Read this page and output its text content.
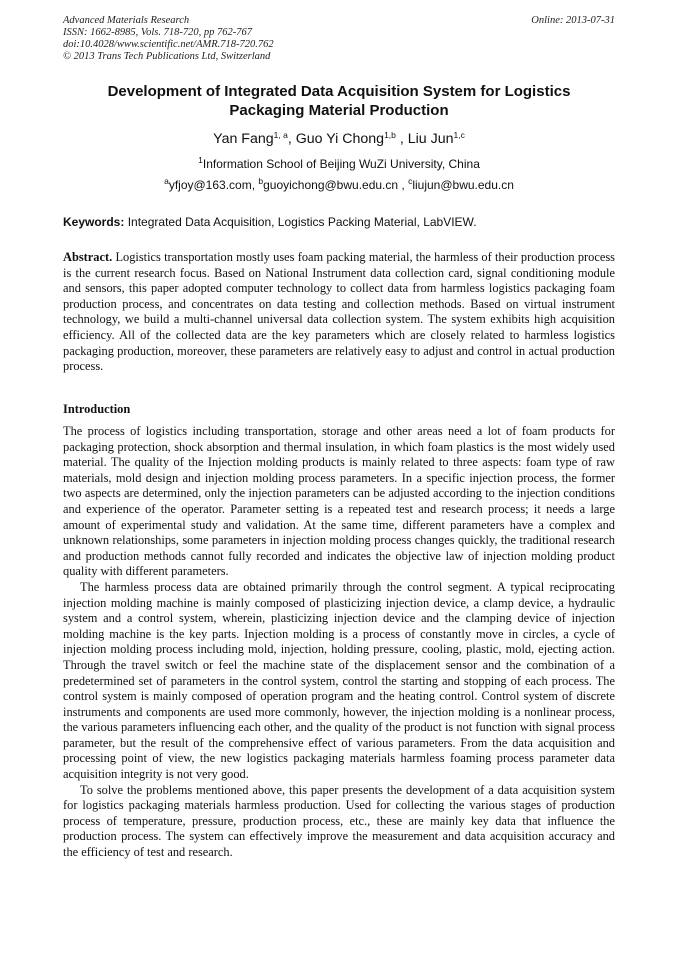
Advanced Materials Research
ISSN: 1662-8985, Vols. 718-720, pp 762-767
doi:10.4028/www.scientific.net/AMR.718-720.762
© 2013 Trans Tech Publications Ltd, Switzerland
Online: 2013-07-31
Development of Integrated Data Acquisition System for Logistics
Packaging Material Production
Yan Fang$^{1, a}$, Guo Yi Chong$^{1,b}$ , Liu Jun$^{1,c}$
$^1$Information School of Beijing WuZi University, China
$^a$yfjoy@163.com, $^b$guoyichong@bwu.edu.cn , $^c$liujun@bwu.edu.cn
Keywords: Integrated Data Acquisition, Logistics Packing Material, LabVIEW.
Abstract. Logistics transportation mostly uses foam packing material, the harmless of their production process is the current research focus. Based on National Instrument data collection card, signal conditioning module and sensors, this paper adopted computer technology to collect data from harmless logistics packaging foam production process, and concentrates on data testing and collection methods. Based on virtual instrument technology, we build a multi-channel universal data collection system. The system exhibits high acquisition efficiency. All of the collected data are the key parameters which are closely related to harmless logistics packaging production, moreover, these parameters are relatively easy to adjust and control in actual production process.
Introduction

The process of logistics including transportation, storage and other areas need a lot of foam products for packaging protection, shock absorption and thermal insulation, in which foam plastics is the most widely used material. The quality of the Injection molding products is mainly related to three aspects: foam type of raw materials, mold design and injection molding process parameters. In a specific injection process, the former two aspects are determined, only the injection parameters can be adjusted according to the injection conditions and experience of the operator. Parameter setting is a repeated test and research process; it needs a large amount of experimental study and validation. At the same time, different parameters have a complex and unknown relationships, some parameters in injection molding process changes quickly, the traditional research and production methods cannot fully recorded and indicates the objective law of injection molding product quality with different parameters.

The harmless process data are obtained primarily through the control segment. A typical reciprocating injection molding machine is mainly composed of plasticizing injection device, a clamp device, a hydraulic system and a control system, wherein, plasticizing injection device and the clamping device of injection molding machine is the key parts. Injection molding is a process of constantly move in circles, a cycle of injection molding process including mold, injection, holding pressure, cooling, plastic, mold, ejecting action. Through the travel switch or feel the machine state of the displacement sensor and the combination of a predetermined set of parameters in the control system, control the starting and stopping of each process. The control system is mainly composed of operation program and the heating control. Control system of discrete instruments and components are used more commonly, however, the injection molding is a nonlinear process, the various parameters influencing each other, and the quality of the product is not function with signal process parameter, but the result of the comprehensive effect of various parameters. From the data acquisition and processing point of view, the new logistics packaging materials harmless foaming process parameter data acquisition integrity is not very good.

To solve the problems mentioned above, this paper presents the development of a data acquisition system for logistics packaging materials harmless production. Used for collecting the various stages of production process of temperature, pressure, production process, etc., these are mainly key data that influence the production process. The system can effectively improve the measurement and data acquisition accuracy and the efficiency of test and research.
